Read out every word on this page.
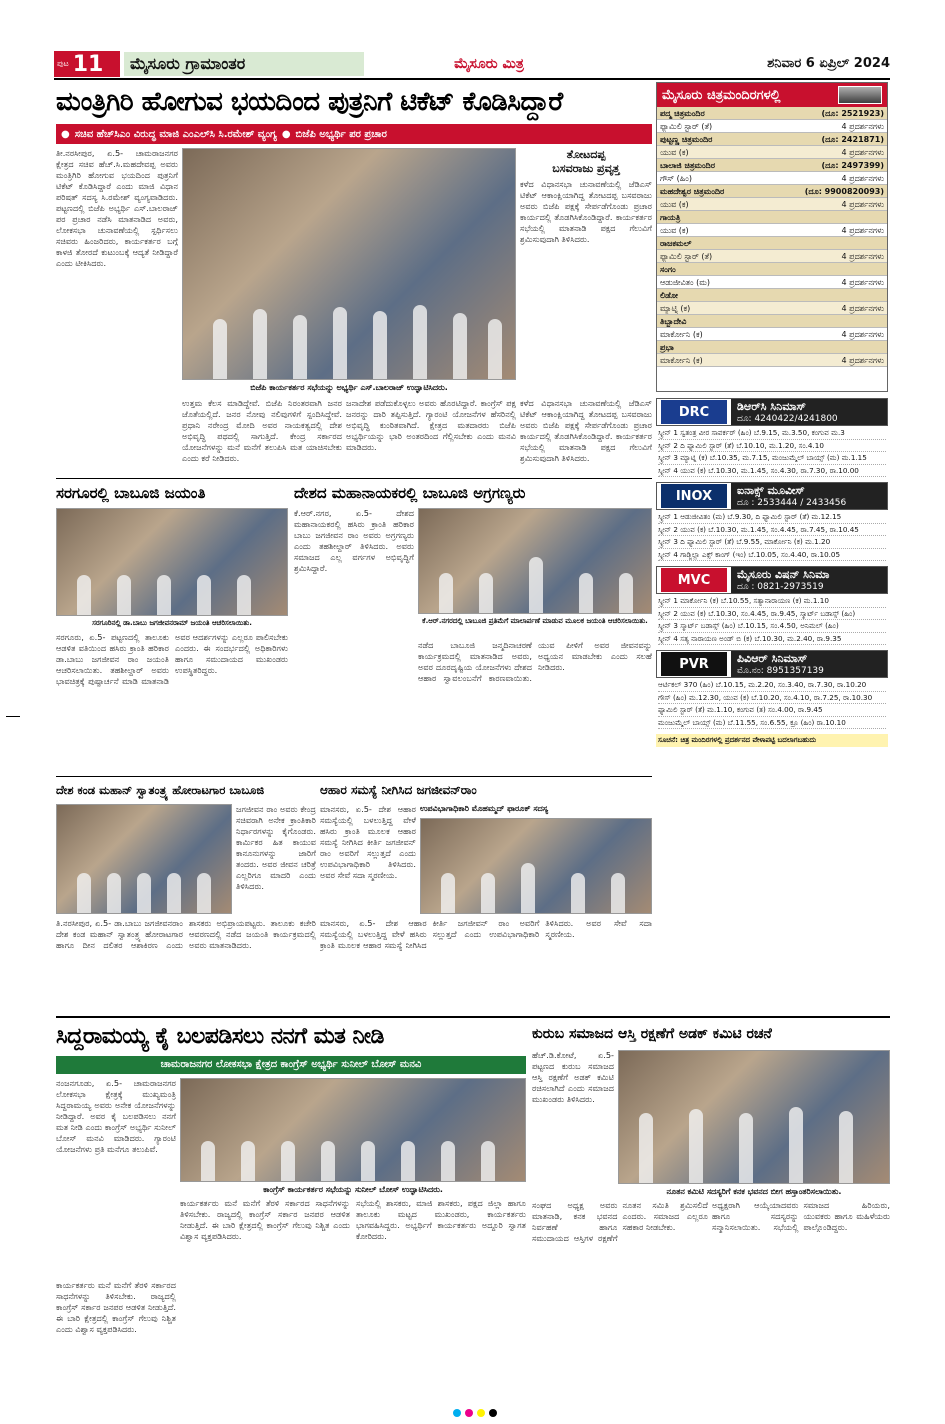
ಪುಟ 11	ಮೈಸೂರು ಗ್ರಾಮಾಂತರ	ಮೈಸೂರು ಮಿತ್ರ	ಶನಿವಾರ 6 ಏಪ್ರಿಲ್ 2024
ಮಂತ್ರಿಗಿರಿ ಹೋಗುವ ಭಯದಿಂದ ಪುತ್ರನಿಗೆ ಟಿಕೆಟ್ ಕೊಡಿಸಿದ್ದಾರೆ
● ಸಚಿವ ಹೆಚ್‌ಸಿಎಂ ವಿರುದ್ಧ ಮಾಜಿ ಎಂಎಲ್‌ಸಿ ಸಿ.ರಮೇಶ್ ವ್ಯಂಗ್ಯ ● ಬಿಜೆಪಿ ಅಭ್ಯರ್ಥಿ ಪರ ಪ್ರಚಾರ
ತೀ.ನರಸೀಪುರ, ಏ.5- ಚಾಮರಾಜನಗರ ಕ್ಷೇತ್ರದ ಸಚಿವ ಹೆಚ್.ಸಿ.ಮಹದೇವಪ್ಪ ಅವರು ಮಂತ್ರಿಗಿರಿ ಹೋಗುವ ಭಯದಿಂದ ಪುತ್ರನಿಗೆ ಟಿಕೆಟ್ ಕೊಡಿಸಿದ್ದಾರೆ ಎಂದು ಮಾಜಿ ವಿಧಾನ ಪರಿಷತ್ ಸದಸ್ಯ ಸಿ.ರಮೇಶ್ ವ್ಯಂಗ್ಯವಾಡಿದರು. ಪಟ್ಟಣದಲ್ಲಿ ಬಿಜೆಪಿ ಅಭ್ಯರ್ಥಿ ಎಸ್.ಬಾಲರಾಜ್ ಪರ ಪ್ರಚಾರ ನಡೆಸಿ ಮಾತನಾಡಿದ ಅವರು, ಲೋಕಸಭಾ ಚುನಾವಣೆಯಲ್ಲಿ ಸ್ಪರ್ಧಿಸಲು ಸಚಿವರು ಹಿಂಜರಿದರು, ಕಾರ್ಯಕರ್ತರ ಬಗ್ಗೆ ಕಾಳಜಿ ತೋರದೆ ಕುಟುಂಬಕ್ಕೆ ಆದ್ಯತೆ ನೀಡಿದ್ದಾರೆ ಎಂದು ಟೀಕಿಸಿದರು.
ಬಿಜೆಪಿ ಕಾರ್ಯಕರ್ತರ ಸಭೆಯನ್ನು ಅಭ್ಯರ್ಥಿ ಎಸ್.ಬಾಲರಾಜ್ ಉದ್ಘಾಟಿಸಿದರು.
ತೋಟದಪ್ಪ
ಬಸವರಾಜು ಪ್ರವೃತ್ತ
ಕಳೆದ ವಿಧಾನಸಭಾ ಚುನಾವಣೆಯಲ್ಲಿ ಜೆಡಿಎಸ್ ಟಿಕೆಟ್ ಆಕಾಂಕ್ಷಿಯಾಗಿದ್ದ ತೋಟದಪ್ಪ ಬಸವರಾಜು ಅವರು ಬಿಜೆಪಿ ಪಕ್ಷಕ್ಕೆ ಸೇರ್ಪಡೆಗೊಂಡು ಪ್ರಚಾರ ಕಾರ್ಯದಲ್ಲಿ ತೊಡಗಿಸಿಕೊಂಡಿದ್ದಾರೆ. ಕಾರ್ಯಕರ್ತರ ಸಭೆಯಲ್ಲಿ ಮಾತನಾಡಿ ಪಕ್ಷದ ಗೆಲುವಿಗೆ ಶ್ರಮಿಸುವುದಾಗಿ ತಿಳಿಸಿದರು.
ಉತ್ತಮ ಕೆಲಸ ಮಾಡಿದ್ದೇವೆ. ಬಿಜೆಪಿ ನಿರಂತರವಾಗಿ ಜನರ ಜೊತೆಯಲ್ಲಿದೆ. ಜನರ ನೋವು ನಲಿವುಗಳಿಗೆ ಸ್ಪಂದಿಸಿದ್ದೇವೆ. ಪ್ರಧಾನಿ ನರೇಂದ್ರ ಮೋದಿ ಅವರ ನಾಯಕತ್ವದಲ್ಲಿ ದೇಶ ಅಭಿವೃದ್ಧಿ ಪಥದಲ್ಲಿ ಸಾಗುತ್ತಿದೆ. ಕೇಂದ್ರ ಸರ್ಕಾರದ ಯೋಜನೆಗಳನ್ನು ಮನೆ ಮನೆಗೆ ತಲುಪಿಸಿ ಮತ ಯಾಚಿಸಬೇಕು ಎಂದು ಕರೆ ನೀಡಿದರು.
ಜನಾದೇಶ ಪಡೆದುಕೊಳ್ಳಲು ಅವರು ಹೊರಟಿದ್ದಾರೆ. ಕಾಂಗ್ರೆಸ್ ಪಕ್ಷ ಜನರನ್ನು ದಾರಿ ತಪ್ಪಿಸುತ್ತಿದೆ. ಗ್ಯಾರಂಟಿ ಯೋಜನೆಗಳ ಹೆಸರಿನಲ್ಲಿ ಅಭಿವೃದ್ಧಿ ಕುಂಠಿತವಾಗಿದೆ. ಕ್ಷೇತ್ರದ ಮತದಾರರು ಬಿಜೆಪಿ ಅಭ್ಯರ್ಥಿಯನ್ನು ಭಾರಿ ಅಂತರದಿಂದ ಗೆಲ್ಲಿಸಬೇಕು ಎಂದು ಮನವಿ ಮಾಡಿದರು.
ಕಳೆದ ವಿಧಾನಸಭಾ ಚುನಾವಣೆಯಲ್ಲಿ ಜೆಡಿಎಸ್ ಟಿಕೆಟ್ ಆಕಾಂಕ್ಷಿಯಾಗಿದ್ದ ತೋಟದಪ್ಪ ಬಸವರಾಜು ಅವರು ಬಿಜೆಪಿ ಪಕ್ಷಕ್ಕೆ ಸೇರ್ಪಡೆಗೊಂಡು ಪ್ರಚಾರ ಕಾರ್ಯದಲ್ಲಿ ತೊಡಗಿಸಿಕೊಂಡಿದ್ದಾರೆ. ಕಾರ್ಯಕರ್ತರ ಸಭೆಯಲ್ಲಿ ಮಾತನಾಡಿ ಪಕ್ಷದ ಗೆಲುವಿಗೆ ಶ್ರಮಿಸುವುದಾಗಿ ತಿಳಿಸಿದರು.
ಮೈಸೂರು ಚಿತ್ರಮಂದಿರಗಳಲ್ಲಿ
ಪದ್ಮ ಚಿತ್ರಮಂದಿರ	(ದೂ: 2521923)
ಫ್ಯಾಮಿಲಿ ಸ್ಟಾರ್ (ತೆ)	4 ಪ್ರದರ್ಶನಗಳು
ಪುಟ್ಟಣ್ಣ ಚಿತ್ರಮಂದಿರ	(ದೂ: 2421871)
ಯುವ (ಕ)	4 ಪ್ರದರ್ಶನಗಳು
ಬಾಲಾಜಿ ಚಿತ್ರಮಂದಿರ	(ದೂ: 2497399)
ಗೌಸ್ (ಹಿಂ)	4 ಪ್ರದರ್ಶನಗಳು
ಮಹದೇಶ್ವರ ಚಿತ್ರಮಂದಿರ	(ದೂ: 9900820093)
ಯುವ (ಕ)	4 ಪ್ರದರ್ಶನಗಳು
ಗಾಯತ್ರಿ
ಯುವ (ಕ)	4 ಪ್ರದರ್ಶನಗಳು
ರಾಜಕಮಲ್
ಫ್ಯಾಮಿಲಿ ಸ್ಟಾರ್ (ತೆ)	4 ಪ್ರದರ್ಶನಗಳು
ಸಂಗಂ
ಆಡುಜೀವಿತಂ (ಮ)	4 ಪ್ರದರ್ಶನಗಳು
ಲಿಡೋ
ಮ್ಯಾಟ್ನಿ (ಕ)	4 ಪ್ರದರ್ಶನಗಳು
ತಿಬ್ಬಾದೇವಿ
ಮಾರ್ಕೋನಿ (ಕ)	4 ಪ್ರದರ್ಶನಗಳು
ಪ್ರಭಾ
ಮಾರ್ಕೋನಿ (ಕ)	4 ಪ್ರದರ್ಶನಗಳು
DRC	ಡಿಆರ್‌ಸಿ ಸಿನಿಮಾಸ್
ದೂ: 4240422/4241800
ಸ್ಕ್ರೀನ್ 1 ಸ್ವತಂತ್ರ ವೀರ ಸಾವರ್ಕರ್ (ಹಿಂ) ಬೆ.9.15, ಮ.3.50, ಕಂಗುವ ಮ.3
ಸ್ಕ್ರೀನ್ 2 ದಿ ಫ್ಯಾಮಿಲಿ ಸ್ಟಾರ್ (ತೆ) ಬೆ.10.10, ಮ.1.20, ಸಂ.4.10
ಸ್ಕ್ರೀನ್ 3 ಮ್ಯಾಟ್ನಿ (ಕ) ಬೆ.10.35, ಮ.7.15, ಮಂಜುಮ್ಮೆಲ್ ಬಾಯ್ಸ್ (ಮ) ಮ.1.15
ಸ್ಕ್ರೀನ್ 4 ಯುವ (ಕ) ಬೆ.10.30, ಮ.1.45, ಸಂ.4.30, ರಾ.7.30, ರಾ.10.00
INOX	ಐನಾಕ್ಸ್ ಮೂವೀಸ್
ದೂ : 2533444 / 2433456
ಸ್ಕ್ರೀನ್ 1 ಆಡುಜೀವಿತಂ (ಮ) ಬೆ.9.30, ದಿ ಫ್ಯಾಮಿಲಿ ಸ್ಟಾರ್ (ತೆ) ಮ.12.15
ಸ್ಕ್ರೀನ್ 2 ಯುವ (ಕ) ಬೆ.10.30, ಮ.1.45, ಸಂ.4.45, ರಾ.7.45, ರಾ.10.45
ಸ್ಕ್ರೀನ್ 3 ದಿ ಫ್ಯಾಮಿಲಿ ಸ್ಟಾರ್ (ತೆ) ಬೆ.9.55, ಮಾರ್ಕೋನಿ (ಕ) ಮ.1.20
ಸ್ಕ್ರೀನ್ 4 ಗಾಡ್ಜಿಲ್ಲಾ ಎಕ್ಸ್ ಕಾಂಗ್ (ಇಂ) ಬೆ.10.05, ಸಂ.4.40, ರಾ.10.05
MVC	ಮೈಸೂರು ವಿಷನ್ ಸಿನಿಮಾ
ದೂ : 0821-2973519
ಸ್ಕ್ರೀನ್ 1 ಮಾರ್ಕೋನಿ (ಕ) ಬೆ.10.55, ಸತ್ಯಾನಾರಾಯಣ (ಕ) ಮ.1.10
ಸ್ಕ್ರೀನ್ 2 ಯುವ (ಕ) ಬೆ.10.30, ಸಂ.4.45, ರಾ.9.45, ಸ್ಮಾರ್ಟ್ ಬಡಾಸ್ಸ್ (ಹಿಂ)
ಸ್ಕ್ರೀನ್ 3 ಸ್ಮಾರ್ಟ್ ಬಡಾಸ್ಸ್ (ಹಿಂ) ಬೆ.10.15, ಸಂ.4.50, ಅನಿಮಲ್ (ಹಿಂ)
ಸ್ಕ್ರೀನ್ 4 ಸತ್ಯ ನಾರಾಯಣ ಅಂಡ್ ಬಿ (ಕ) ಬೆ.10.30, ಮ.2.40, ರಾ.9.35
PVR	ಪಿವಿಆರ್ ಸಿನಿಮಾಸ್
ಮೊ.ನಂ: 8951357139
ಆರ್ಟಿಕಲ್ 370 (ಹಿಂ) ಬೆ.10.15, ಮ.2.20, ಸಂ.3.40, ರಾ.7.30, ರಾ.10.20
ಗೌಸ್ (ಹಿಂ) ಮ.12.30, ಯುವ (ಕ) ಬೆ.10.20, ಸಂ.4.10, ರಾ.7.25, ರಾ.10.30
ಫ್ಯಾಮಿಲಿ ಸ್ಟಾರ್ (ತೆ) ಮ.1.10, ಕಂಗುವ (ತ) ಸಂ.4.00, ರಾ.9.45
ಮಂಜುಮ್ಮೆಲ್ ಬಾಯ್ಸ್ (ಮ) ಬೆ.11.55, ಸಂ.6.55, ಕ್ರೂ (ಹಿಂ) ರಾ.10.10
ಸೂಚನೆ: ಚಿತ್ರ ಮಂದಿರಗಳಲ್ಲಿ ಪ್ರದರ್ಶನದ ವೇಳಾಪಟ್ಟಿ ಬದಲಾಗಬಹುದು
ಸರಗೂರಲ್ಲಿ ಬಾಬೂಜಿ ಜಯಂತಿ
ಸರಗೂರಿನಲ್ಲಿ ಡಾ.ಬಾಬು ಜಗಜೀವನರಾಮ್ ಜಯಂತಿ ಆಚರಿಸಲಾಯಿತು.
ಸರಗೂರು, ಏ.5- ಪಟ್ಟಣದಲ್ಲಿ ತಾಲೂಕು ಆಡಳಿತ ವತಿಯಿಂದ ಹಸಿರು ಕ್ರಾಂತಿ ಹರಿಕಾರ ಡಾ.ಬಾಬು ಜಗಜೀವನ ರಾಂ ಜಯಂತಿ ಆಚರಿಸಲಾಯಿತು. ತಹಶೀಲ್ದಾರ್ ಅವರು ಭಾವಚಿತ್ರಕ್ಕೆ ಪುಷ್ಪಾರ್ಚನೆ ಮಾಡಿ ಮಾತನಾಡಿ ಅವರ ಆದರ್ಶಗಳನ್ನು ಎಲ್ಲರೂ ಪಾಲಿಸಬೇಕು ಎಂದರು. ಈ ಸಂದರ್ಭದಲ್ಲಿ ಅಧಿಕಾರಿಗಳು ಹಾಗೂ ಸಮುದಾಯದ ಮುಖಂಡರು ಉಪಸ್ಥಿತರಿದ್ದರು.
ದೇಶದ ಮಹಾನಾಯಕರಲ್ಲಿ ಬಾಬೂಜಿ ಅಗ್ರಗಣ್ಯರು
ಕೆ.ಆರ್.ನಗರ, ಏ.5- ದೇಶದ ಮಹಾನಾಯಕರಲ್ಲಿ ಹಸಿರು ಕ್ರಾಂತಿ ಹರಿಕಾರ ಬಾಬು ಜಗಜೀವನ ರಾಂ ಅವರು ಅಗ್ರಗಣ್ಯರು ಎಂದು ತಹಶೀಲ್ದಾರ್ ತಿಳಿಸಿದರು. ಅವರು ಸಮಾಜದ ಎಲ್ಲ ವರ್ಗಗಳ ಅಭಿವೃದ್ಧಿಗೆ ಶ್ರಮಿಸಿದ್ದಾರೆ.
ಕೆ.ಆರ್.ನಗರದಲ್ಲಿ ಬಾಬೂಜಿ ಪ್ರತಿಮೆಗೆ ಮಾಲಾರ್ಪಣೆ ಮಾಡುವ ಮೂಲಕ ಜಯಂತಿ ಆಚರಿಸಲಾಯಿತು.
ನಡೆದ ಬಾಬೂಜಿ ಜನ್ಮದಿನಾಚರಣೆ ಕಾರ್ಯಕ್ರಮದಲ್ಲಿ ಮಾತನಾಡಿದ ಅವರು, ಅವರ ದೂರದೃಷ್ಟಿಯ ಯೋಜನೆಗಳು ದೇಶದ ಆಹಾರ ಸ್ವಾವಲಂಬನೆಗೆ ಕಾರಣವಾಯಿತು. ಯುವ ಪೀಳಿಗೆ ಅವರ ಜೀವನವನ್ನು ಅಧ್ಯಯನ ಮಾಡಬೇಕು ಎಂದು ಸಲಹೆ ನೀಡಿದರು.
ದೇಶ ಕಂಡ ಮಹಾನ್ ಸ್ವಾತಂತ್ರ್ಯ ಹೋರಾಟಗಾರ ಬಾಬೂಜಿ
ಜಗಜೀವನ ರಾಂ ಅವರು ಕೇಂದ್ರ ಸಚಿವರಾಗಿ ಅನೇಕ ಕ್ರಾಂತಿಕಾರಿ ನಿರ್ಧಾರಗಳನ್ನು ಕೈಗೊಂಡರು. ಕಾರ್ಮಿಕರ ಹಿತ ಕಾಯುವ ಕಾನೂನುಗಳನ್ನು ಜಾರಿಗೆ ತಂದರು. ಅವರ ಜೀವನ ಚರಿತ್ರೆ ಎಲ್ಲರಿಗೂ ಮಾದರಿ ಎಂದು ತಿಳಿಸಿದರು.
ತಿ.ನರಸೀಪುರ, ಏ.5- ಡಾ.ಬಾಬು ಜಗಜೀವನರಾಂ ದೇಶ ಕಂಡ ಮಹಾನ್ ಸ್ವಾತಂತ್ರ್ಯ ಹೋರಾಟಗಾರ ಹಾಗೂ ದೀನ ದಲಿತರ ಆಶಾಕಿರಣ ಎಂದು ಶಾಸಕರು ಅಭಿಪ್ರಾಯಪಟ್ಟರು. ತಾಲೂಕು ಕಚೇರಿ ಆವರಣದಲ್ಲಿ ನಡೆದ ಜಯಂತಿ ಕಾರ್ಯಕ್ರಮದಲ್ಲಿ ಅವರು ಮಾತನಾಡಿದರು.
ಆಹಾರ ಸಮಸ್ಯೆ ನೀಗಿಸಿದ ಜಗಜೀವನ್‌ರಾಂ
ಮಾನಸರು, ಏ.5- ದೇಶ ಆಹಾರ ಸಮಸ್ಯೆಯಲ್ಲಿ ಬಳಲುತ್ತಿದ್ದ ವೇಳೆ ಹಸಿರು ಕ್ರಾಂತಿ ಮೂಲಕ ಆಹಾರ ಸಮಸ್ಯೆ ನೀಗಿಸಿದ ಕೀರ್ತಿ ಜಗಜೀವನ್ ರಾಂ ಅವರಿಗೆ ಸಲ್ಲುತ್ತದೆ ಎಂದು ಉಪವಿಭಾಗಾಧಿಕಾರಿ ತಿಳಿಸಿದರು. ಅವರ ಸೇವೆ ಸದಾ ಸ್ಮರಣೀಯ.
ಉಪವಿಭಾಗಾಧಿಕಾರಿ ಮೊಹಮ್ಮದ್ ಫಾರೂಕ್ ಸದಸ್ಯ
ಮಾನಸರು, ಏ.5- ದೇಶ ಆಹಾರ ಸಮಸ್ಯೆಯಲ್ಲಿ ಬಳಲುತ್ತಿದ್ದ ವೇಳೆ ಹಸಿರು ಕ್ರಾಂತಿ ಮೂಲಕ ಆಹಾರ ಸಮಸ್ಯೆ ನೀಗಿಸಿದ ಕೀರ್ತಿ ಜಗಜೀವನ್ ರಾಂ ಅವರಿಗೆ ಸಲ್ಲುತ್ತದೆ ಎಂದು ಉಪವಿಭಾಗಾಧಿಕಾರಿ ತಿಳಿಸಿದರು. ಅವರ ಸೇವೆ ಸದಾ ಸ್ಮರಣೀಯ.
ಸಿದ್ದರಾಮಯ್ಯ ಕೈ ಬಲಪಡಿಸಲು ನನಗೆ ಮತ ನೀಡಿ
ಚಾಮರಾಜನಗರ ಲೋಕಸಭಾ ಕ್ಷೇತ್ರದ ಕಾಂಗ್ರೆಸ್ ಅಭ್ಯರ್ಥಿ ಸುನೀಲ್ ಬೋಸ್ ಮನವಿ
ನಂಜನಗೂಡು, ಏ.5- ಚಾಮರಾಜನಗರ ಲೋಕಸಭಾ ಕ್ಷೇತ್ರಕ್ಕೆ ಮುಖ್ಯಮಂತ್ರಿ ಸಿದ್ದರಾಮಯ್ಯ ಅವರು ಅನೇಕ ಯೋಜನೆಗಳನ್ನು ನೀಡಿದ್ದಾರೆ. ಅವರ ಕೈ ಬಲಪಡಿಸಲು ನನಗೆ ಮತ ನೀಡಿ ಎಂದು ಕಾಂಗ್ರೆಸ್ ಅಭ್ಯರ್ಥಿ ಸುನೀಲ್ ಬೋಸ್ ಮನವಿ ಮಾಡಿದರು. ಗ್ಯಾರಂಟಿ ಯೋಜನೆಗಳು ಪ್ರತಿ ಮನೆಗೂ ತಲುಪಿವೆ.
ಕಾಂಗ್ರೆಸ್ ಕಾರ್ಯಕರ್ತರ ಸಭೆಯನ್ನು ಸುನೀಲ್ ಬೋಸ್ ಉದ್ಘಾಟಿಸಿದರು.
ಕಾರ್ಯಕರ್ತರು ಮನೆ ಮನೆಗೆ ತೆರಳಿ ಸರ್ಕಾರದ ಸಾಧನೆಗಳನ್ನು ತಿಳಿಸಬೇಕು. ರಾಜ್ಯದಲ್ಲಿ ಕಾಂಗ್ರೆಸ್ ಸರ್ಕಾರ ಜನಪರ ಆಡಳಿತ ನೀಡುತ್ತಿದೆ. ಈ ಬಾರಿ ಕ್ಷೇತ್ರದಲ್ಲಿ ಕಾಂಗ್ರೆಸ್ ಗೆಲುವು ನಿಶ್ಚಿತ ಎಂದು ವಿಶ್ವಾಸ ವ್ಯಕ್ತಪಡಿಸಿದರು.
ಸಭೆಯಲ್ಲಿ ಶಾಸಕರು, ಮಾಜಿ ಶಾಸಕರು, ಪಕ್ಷದ ಜಿಲ್ಲಾ ಹಾಗೂ ತಾಲೂಕು ಮಟ್ಟದ ಮುಖಂಡರು, ಕಾರ್ಯಕರ್ತರು ಭಾಗವಹಿಸಿದ್ದರು. ಅಭ್ಯರ್ಥಿಗೆ ಕಾರ್ಯಕರ್ತರು ಅದ್ದೂರಿ ಸ್ವಾಗತ ಕೋರಿದರು.
ಕಾರ್ಯಕರ್ತರು ಮನೆ ಮನೆಗೆ ತೆರಳಿ ಸರ್ಕಾರದ ಸಾಧನೆಗಳನ್ನು ತಿಳಿಸಬೇಕು. ರಾಜ್ಯದಲ್ಲಿ ಕಾಂಗ್ರೆಸ್ ಸರ್ಕಾರ ಜನಪರ ಆಡಳಿತ ನೀಡುತ್ತಿದೆ. ಈ ಬಾರಿ ಕ್ಷೇತ್ರದಲ್ಲಿ ಕಾಂಗ್ರೆಸ್ ಗೆಲುವು ನಿಶ್ಚಿತ ಎಂದು ವಿಶ್ವಾಸ ವ್ಯಕ್ತಪಡಿಸಿದರು.
ಕುರುಬ ಸಮಾಜದ ಆಸ್ತಿ ರಕ್ಷಣೆಗೆ ಅಡಕ್ ಕಮಿಟಿ ರಚನೆ
ಹೆಚ್.ಡಿ.ಕೋಟೆ, ಏ.5- ಪಟ್ಟಣದ ಕುರುಬ ಸಮಾಜದ ಆಸ್ತಿ ರಕ್ಷಣೆಗೆ ಅಡಕ್ ಕಮಿಟಿ ರಚಿಸಲಾಗಿದೆ ಎಂದು ಸಮಾಜದ ಮುಖಂಡರು ತಿಳಿಸಿದರು.
ನೂತನ ಕಮಿಟಿ ಸದಸ್ಯರಿಗೆ ಕನಕ ಭವನದ ಬೀಗ ಹಸ್ತಾಂತರಿಸಲಾಯಿತು.
ಸಂಘದ ಅಧ್ಯಕ್ಷ ಅವರು ಮಾತನಾಡಿ, ಕನಕ ಭವನದ ನಿರ್ವಹಣೆ ಹಾಗೂ ಸಮುದಾಯದ ಆಸ್ತಿಗಳ ರಕ್ಷಣೆಗೆ ನೂತನ ಸಮಿತಿ ಶ್ರಮಿಸಲಿದೆ ಎಂದರು. ಸಮಾಜದ ಎಲ್ಲರೂ ಸಹಕಾರ ನೀಡಬೇಕು.
ಅಧ್ಯಕ್ಷರಾಗಿ ಆಯ್ಕೆಯಾದವರು ಹಾಗೂ ಸದಸ್ಯರನ್ನು ಸನ್ಮಾನಿಸಲಾಯಿತು. ಸಭೆಯಲ್ಲಿ ಸಮಾಜದ ಹಿರಿಯರು, ಯುವಕರು ಹಾಗೂ ಮಹಿಳೆಯರು ಪಾಲ್ಗೊಂಡಿದ್ದರು.
